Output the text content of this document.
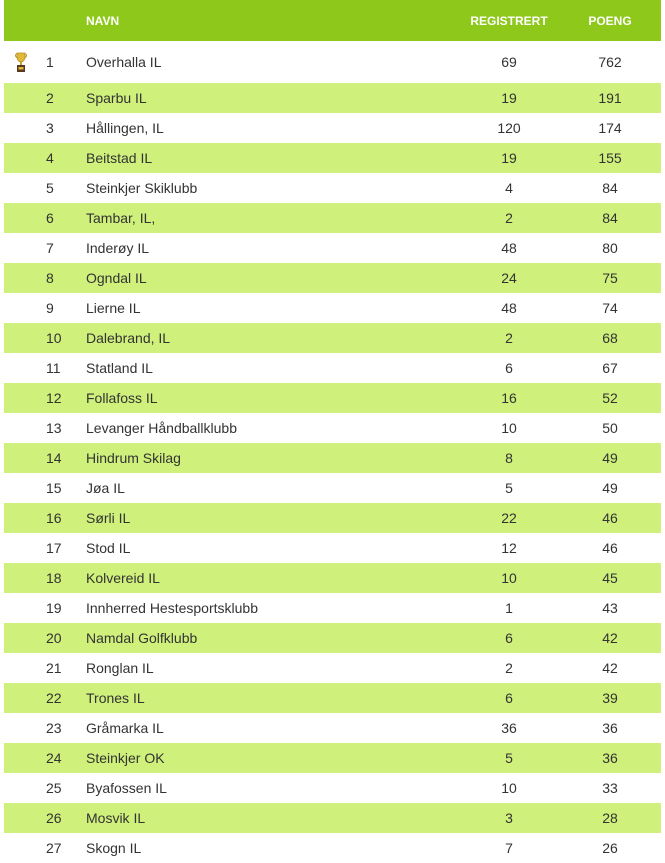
NAVN	REGISTRERT	POENG
1	Overhalla IL	69	762
2	Sparbu IL	19	191
3	Hållingen, IL	120	174
4	Beitstad IL	19	155
5	Steinkjer Skiklubb	4	84
6	Tambar, IL,	2	84
7	Inderøy IL	48	80
8	Ogndal IL	24	75
9	Lierne IL	48	74
10	Dalebrand, IL	2	68
11	Statland IL	6	67
12	Follafoss IL	16	52
13	Levanger Håndballklubb	10	50
14	Hindrum Skilag	8	49
15	Jøa IL	5	49
16	Sørli IL	22	46
17	Stod IL	12	46
18	Kolvereid IL	10	45
19	Innherred Hestesportsklubb	1	43
20	Namdal Golfklubb	6	42
21	Ronglan IL	2	42
22	Trones IL	6	39
23	Gråmarka IL	36	36
24	Steinkjer OK	5	36
25	Byafossen IL	10	33
26	Mosvik IL	3	28
27	Skogn IL	7	26
